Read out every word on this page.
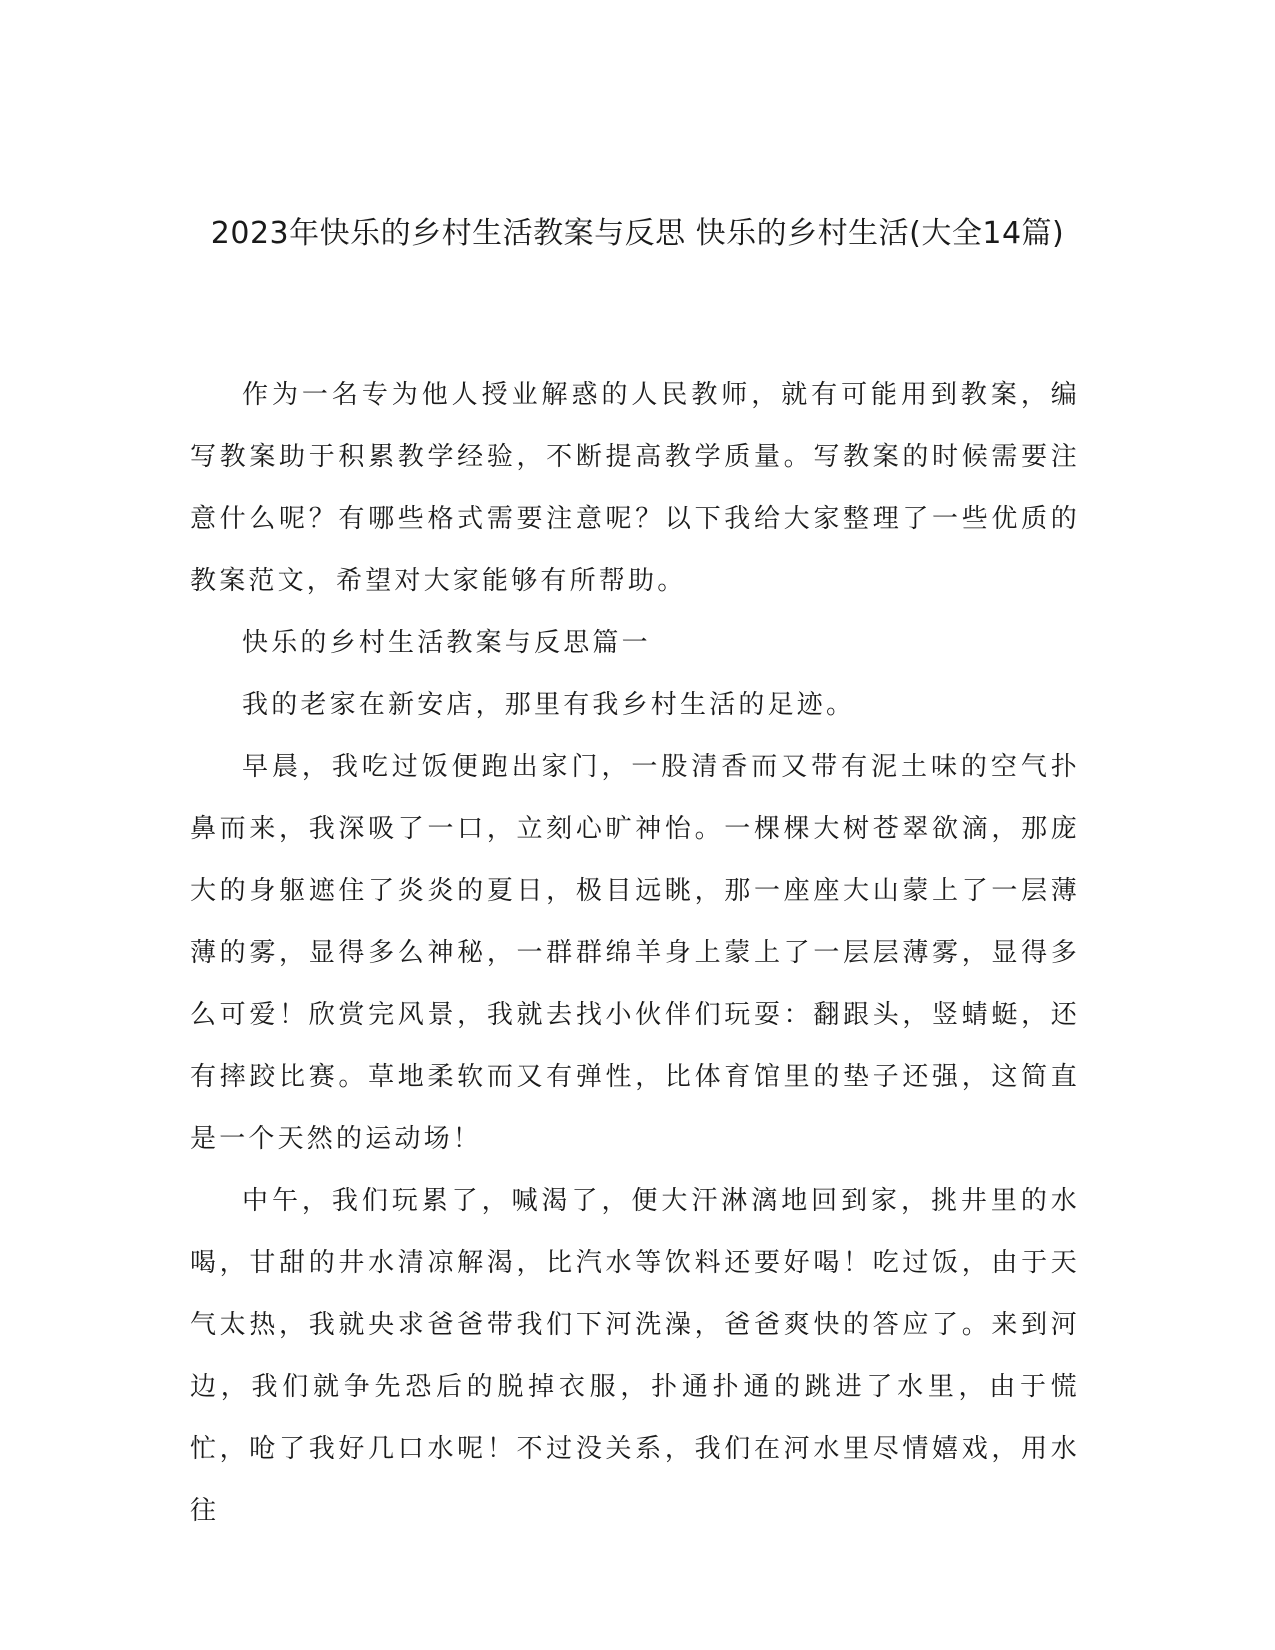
2023年快乐的乡村生活教案与反思 快乐的乡村生活(大全14篇)

作为一名专为他人授业解惑的人民教师，就有可能用到教案，编写教案助于积累教学经验，不断提高教学质量。写教案的时候需要注意什么呢？有哪些格式需要注意呢？以下我给大家整理了一些优质的教案范文，希望对大家能够有所帮助。

快乐的乡村生活教案与反思篇一

我的老家在新安店，那里有我乡村生活的足迹。

早晨，我吃过饭便跑出家门，一股清香而又带有泥土味的空气扑鼻而来，我深吸了一口，立刻心旷神怡。一棵棵大树苍翠欲滴，那庞大的身躯遮住了炎炎的夏日，极目远眺，那一座座大山蒙上了一层薄薄的雾，显得多么神秘，一群群绵羊身上蒙上了一层层薄雾，显得多么可爱！欣赏完风景，我就去找小伙伴们玩耍：翻跟头，竖蜻蜓，还有摔跤比赛。草地柔软而又有弹性，比体育馆里的垫子还强，这简直是一个天然的运动场！

中午，我们玩累了，喊渴了，便大汗淋漓地回到家，挑井里的水喝，甘甜的井水清凉解渴，比汽水等饮料还要好喝！吃过饭，由于天气太热，我就央求爸爸带我们下河洗澡，爸爸爽快的答应了。来到河边，我们就争先恐后的脱掉衣服，扑通扑通的跳进了水里，由于慌忙，呛了我好几口水呢！不过没关系，我们在河水里尽情嬉戏，用水往
